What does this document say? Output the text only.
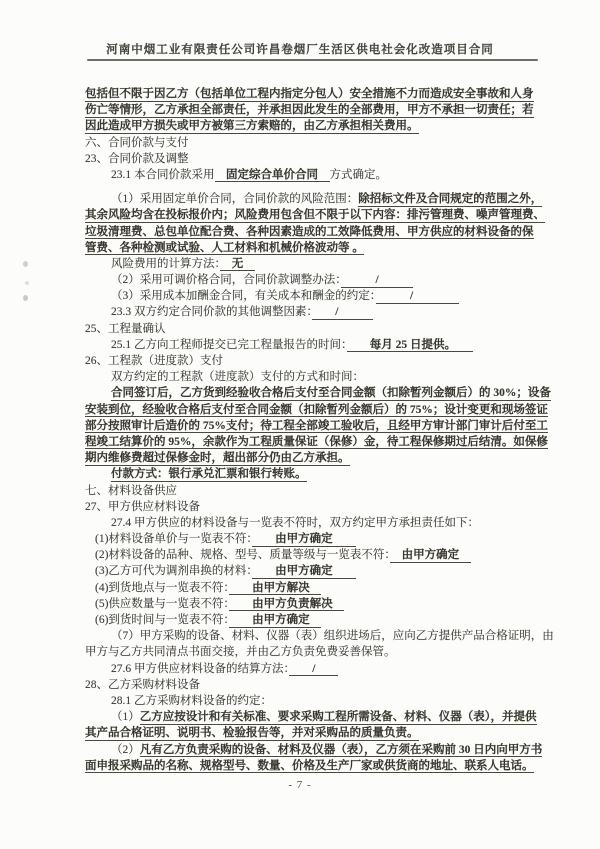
河南中烟工业有限责任公司许昌卷烟厂生活区供电社会化改造项目合同
包括但不限于因乙方（包括单位工程内指定分包人）安全措施不力而造成安全事故和人身
伤亡等情形，乙方承担全部责任，并承担因此发生的全部费用，甲方不承担一切责任；若
因此造成甲方损失或甲方被第三方索赔的，由乙方承担相关费用。
六、合同价款与支付
23、合同价款及调整
23.1 本合同价款采用　固定综合单价合同　方式确定。
（1）采用固定单价合同，合同价款的风险范围：除招标文件及合同规定的范围之外，
其余风险均含在投标报价内；风险费用包含但不限于以下内容：排污管理费、噪声管理费、
垃圾清理费、总包单位配合费、各种因素造成的工效降低费用、甲方供应的材料设备的保
管费、各种检测或试验、人工材料和机械价格波动等 。
风险费用的计算方法：　无　
（2）采用可调价格合同，合同价款调整办法：　　　/　　　
（3）采用成本加酬金合同，有关成本和酬金的约定：　　　/　　　　
23.3 双方约定合同价款的其他调整因素：　　/　　　
25、工程量确认
25.1 乙方向工程师提交已完工程量报告的时间：　　每月 25 日提供。　　
26、工程款（进度款）支付
双方约定的工程款（进度款）支付的方式和时间：
合同签订后，乙方货到经验收合格后支付至合同金额（扣除暂列金额后）的 30%；设备
安装到位，经验收合格后支付至合同金额（扣除暂列金额后）的 75%；设计变更和现场签证
部分按照审计后造价的 75%支付；待工程全部竣工验收后，且经甲方审计部门审计后付至工
程竣工结算价的 95%，余款作为工程质量保证（保修）金，待工程保修期过后结清。如保修
期内维修费超过保修金时，超出部分仍由乙方承担。
付款方式：银行承兑汇票和银行转账。
七、材料设备供应
27、甲方供应材料设备
27.4 甲方供应的材料设备与一览表不符时，双方约定甲方承担责任如下：
(1)材料设备单价与一览表不符：　　由甲方确定　　
(2)材料设备的品种、规格、型号、质量等级与一览表不符：　由甲方确定　
(3)乙方可代为调剂串换的材料：　　由甲方确定　　
(4)到货地点与一览表不符：　　由甲方解决　
(5)供应数量与一览表不符：　　由甲方负责解决　
(6)到货时间与一览表不符：　　由甲方确定　
（7）甲方采购的设备、材料、仪器（表）组织进场后，应向乙方提供产品合格证明，由
甲方与乙方共同清点书面交接，并由乙方负责免费妥善保管。
27.6 甲方供应材料设备的结算方法：　　/　　
28、乙方采购材料设备
28.1 乙方采购材料设备的约定：
（1）乙方应按设计和有关标准、要求采购工程所需设备、材料、仪器（表），并提供
其产品合格证明、说明书、检验报告等，并对采购品的质量负责。
（2）凡有乙方负责采购的设备、材料及仪器（表），乙方须在采购前 30 日内向甲方书
面申报采购品的名称、规格型号、数量、价格及生产厂家或供货商的地址、联系人电话。
- 7 -
